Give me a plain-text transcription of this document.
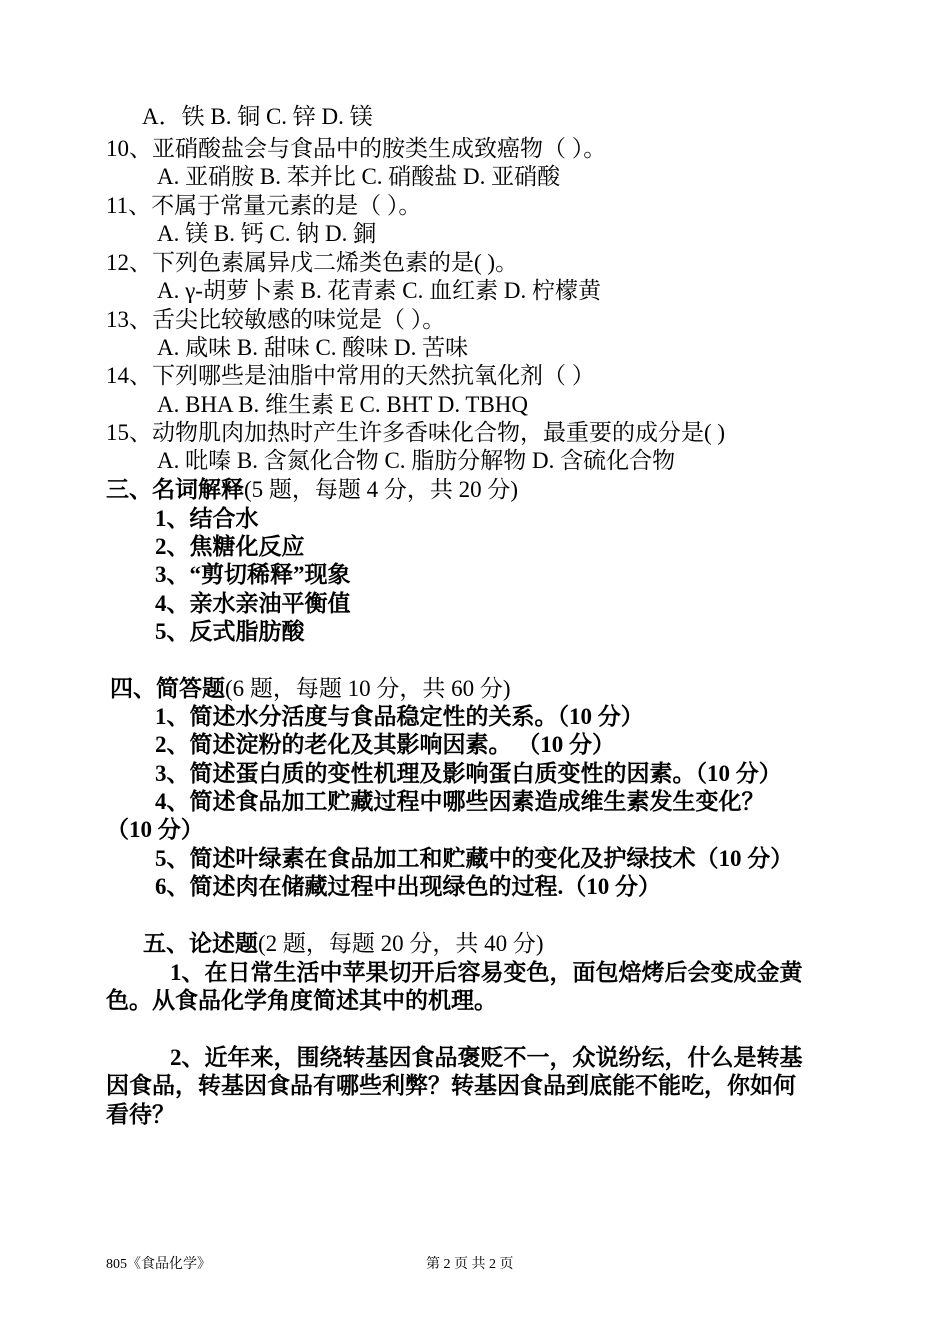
A．铁 B. 铜 C. 锌 D. 镁
10、亚硝酸盐会与食品中的胺类生成致癌物（ ）。
A. 亚硝胺 B. 苯并比 C. 硝酸盐 D. 亚硝酸
11、不属于常量元素的是（ ）。
A. 镁 B. 钙 C. 钠 D. 銅
12、下列色素属异戊二烯类色素的是( )。
A. γ-胡萝卜素 B. 花青素 C. 血红素 D. 柠檬黄
13、舌尖比较敏感的味觉是（ ）。
A. 咸味 B. 甜味 C. 酸味 D. 苦味
14、下列哪些是油脂中常用的天然抗氧化剂（ ）
A. BHA B. 维生素 E C. BHT D. TBHQ
15、动物肌肉加热时产生许多香味化合物，最重要的成分是( )
A. 吡嗪 B. 含氮化合物 C. 脂肪分解物 D. 含硫化合物
三、名词解释(5 题，每题 4 分，共 20 分)
1、结合水
2、焦糖化反应
3、“剪切稀释”现象
4、亲水亲油平衡值
5、反式脂肪酸
四、简答题(6 题，每题 10 分，共 60 分)
1、简述水分活度与食品稳定性的关系。（10 分）
2、简述淀粉的老化及其影响因素。 （10 分）
3、简述蛋白质的变性机理及影响蛋白质变性的因素。（10 分）
4、简述食品加工贮藏过程中哪些因素造成维生素发生变化？
（10 分）
5、简述叶绿素在食品加工和贮藏中的变化及护绿技术（10 分）
6、简述肉在储藏过程中出现绿色的过程.（10 分）
五、论述题(2 题，每题 20 分，共 40 分)
1、在日常生活中苹果切开后容易变色，面包焙烤后会变成金黄
色。从食品化学角度简述其中的机理。
2、近年来，围绕转基因食品褒贬不一，众说纷纭，什么是转基
因食品，转基因食品有哪些利弊？转基因食品到底能不能吃，你如何
看待？
805《食品化学》	第 2 页 共 2 页
